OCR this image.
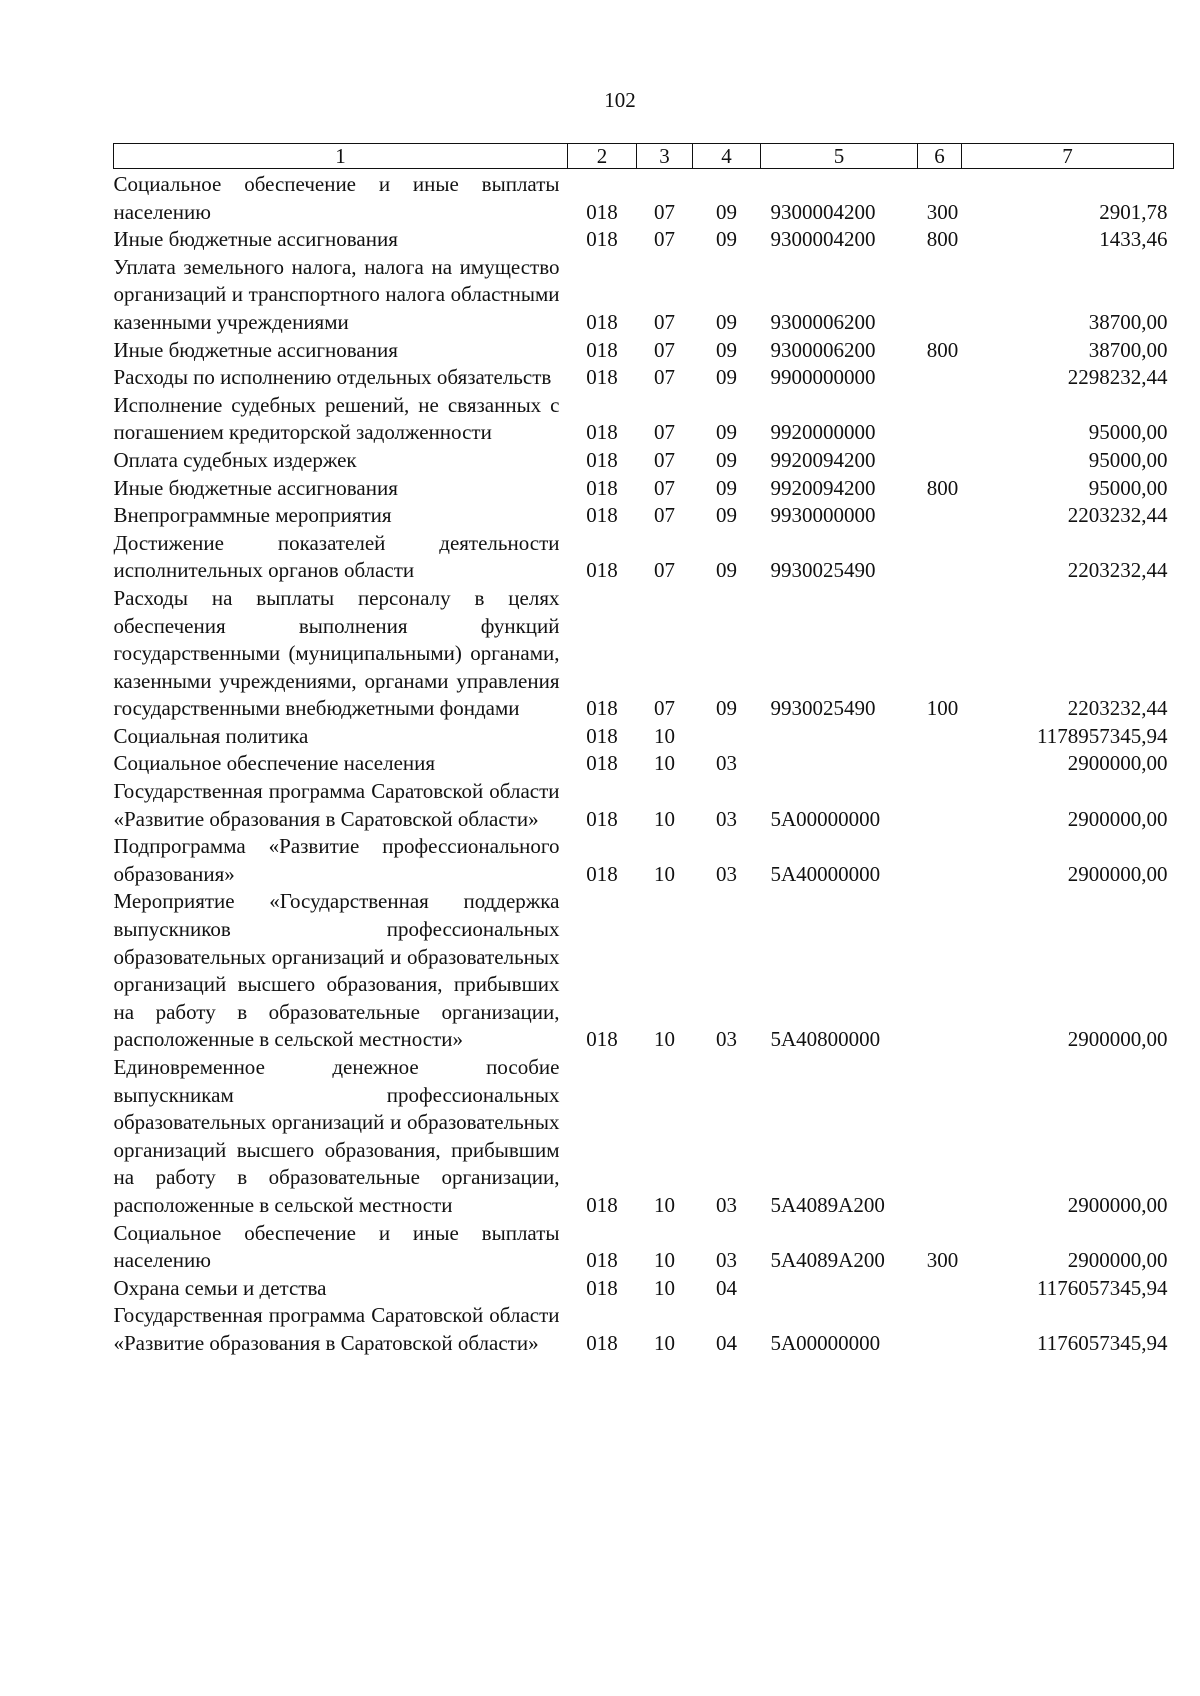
102
1	2	3	4	5	6	7
Социальное обеспечение и иные выплаты населению	018	07	09	9300004200	300	2901,78
Иные бюджетные ассигнования	018	07	09	9300004200	800	1433,46
Уплата земельного налога, налога на имущество организаций и транспортного налога областными казенными учреждениями	018	07	09	9300006200		38700,00
Иные бюджетные ассигнования	018	07	09	9300006200	800	38700,00
Расходы по исполнению отдельных обязательств	018	07	09	9900000000		2298232,44
Исполнение судебных решений, не связанных с погашением кредиторской задолженности	018	07	09	9920000000		95000,00
Оплата судебных издержек	018	07	09	9920094200		95000,00
Иные бюджетные ассигнования	018	07	09	9920094200	800	95000,00
Внепрограммные мероприятия	018	07	09	9930000000		2203232,44
Достижение показателей деятельности исполнительных органов области	018	07	09	9930025490		2203232,44
Расходы на выплаты персоналу в целях обеспечения выполнения функций государственными (муниципальными) органами, казенными учреждениями, органами управления государственными внебюджетными фондами	018	07	09	9930025490	100	2203232,44
Социальная политика	018	10				1178957345,94
Социальное обеспечение населения	018	10	03			2900000,00
Государственная программа Саратовской области «Развитие образования в Саратовской области»	018	10	03	5А00000000		2900000,00
Подпрограмма «Развитие профессионального образования»	018	10	03	5А40000000		2900000,00
Мероприятие «Государственная поддержка выпускников профессиональных образовательных организаций и образовательных организаций высшего образования, прибывших на работу в образовательные организации, расположенные в сельской местности»	018	10	03	5А40800000		2900000,00
Единовременное денежное пособие выпускникам профессиональных образовательных организаций и образовательных организаций высшего образования, прибывшим на работу в образовательные организации, расположенные в сельской местности	018	10	03	5А4089А200		2900000,00
Социальное обеспечение и иные выплаты населению	018	10	03	5А4089А200	300	2900000,00
Охрана семьи и детства	018	10	04			1176057345,94
Государственная программа Саратовской области «Развитие образования в Саратовской области»	018	10	04	5А00000000		1176057345,94
